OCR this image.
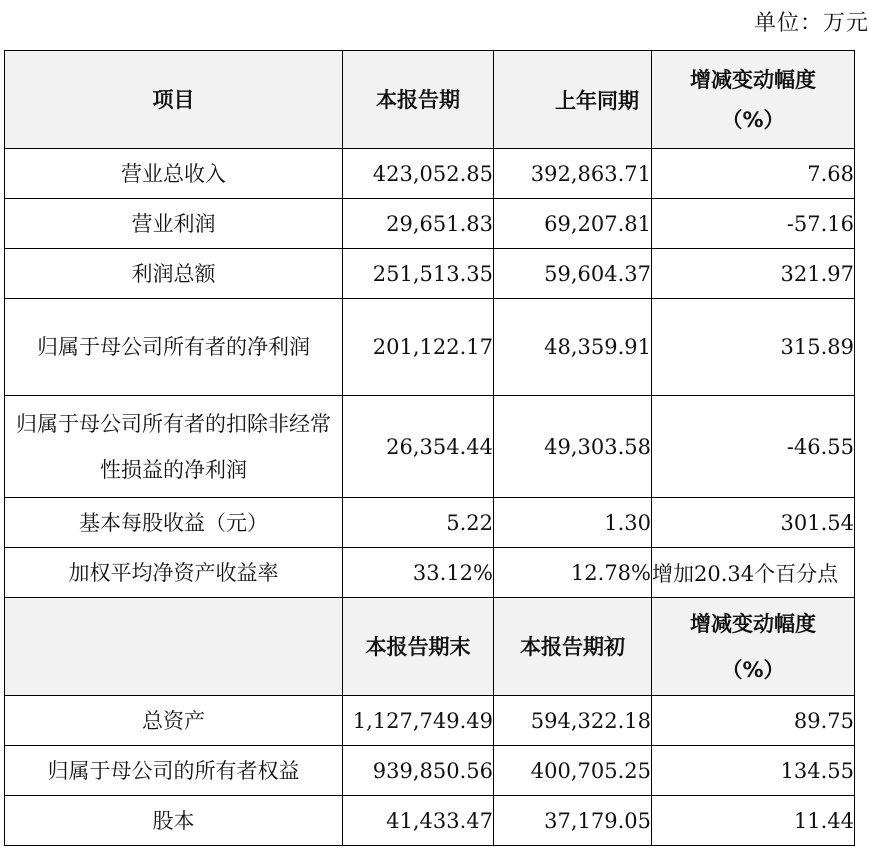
单位：万元
项目	本报告期	上年同期	增减变动幅度（%）
营业总收入	423,052.85	392,863.71	7.68
营业利润	29,651.83	69,207.81	-57.16
利润总额	251,513.35	59,604.37	321.97
归属于母公司所有者的净利润	201,122.17	48,359.91	315.89
归属于母公司所有者的扣除非经常性损益的净利润	26,354.44	49,303.58	-46.55
基本每股收益（元）	5.22	1.30	301.54
加权平均净资产收益率	33.12%	12.78%	增加20.34个百分点
	本报告期末	本报告期初	增减变动幅度（%）
总资产	1,127,749.49	594,322.18	89.75
归属于母公司的所有者权益	939,850.56	400,705.25	134.55
股本	41,433.47	37,179.05	11.44
